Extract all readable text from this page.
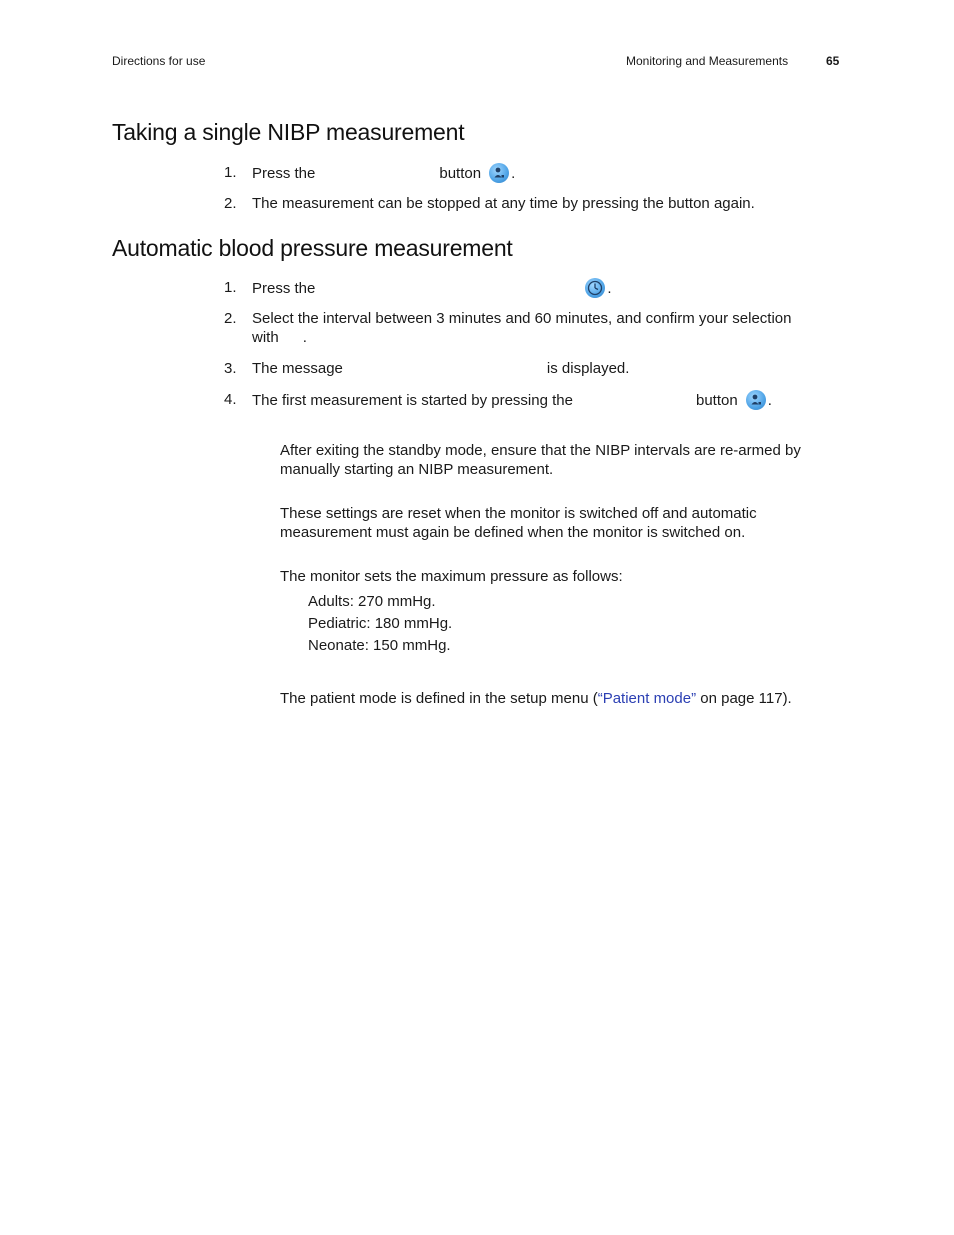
Directions for use	Monitoring and Measurements	65
Taking a single NIBP measurement
1. Press the	button .
2. The measurement can be stopped at any time by pressing the button again.
Automatic blood pressure measurement
1. Press the	.
2. Select the interval between 3 minutes and 60 minutes, and confirm your selection
with .
3. The message	is displayed.
4. The first measurement is started by pressing the	button .
After exiting the standby mode, ensure that the NIBP intervals are re-armed by manually starting an NIBP measurement.
These settings are reset when the monitor is switched off and automatic measurement must again be defined when the monitor is switched on.
The monitor sets the maximum pressure as follows:
Adults: 270 mmHg.
Pediatric: 180 mmHg.
Neonate: 150 mmHg.
The patient mode is defined in the setup menu (“Patient mode” on page 117).
